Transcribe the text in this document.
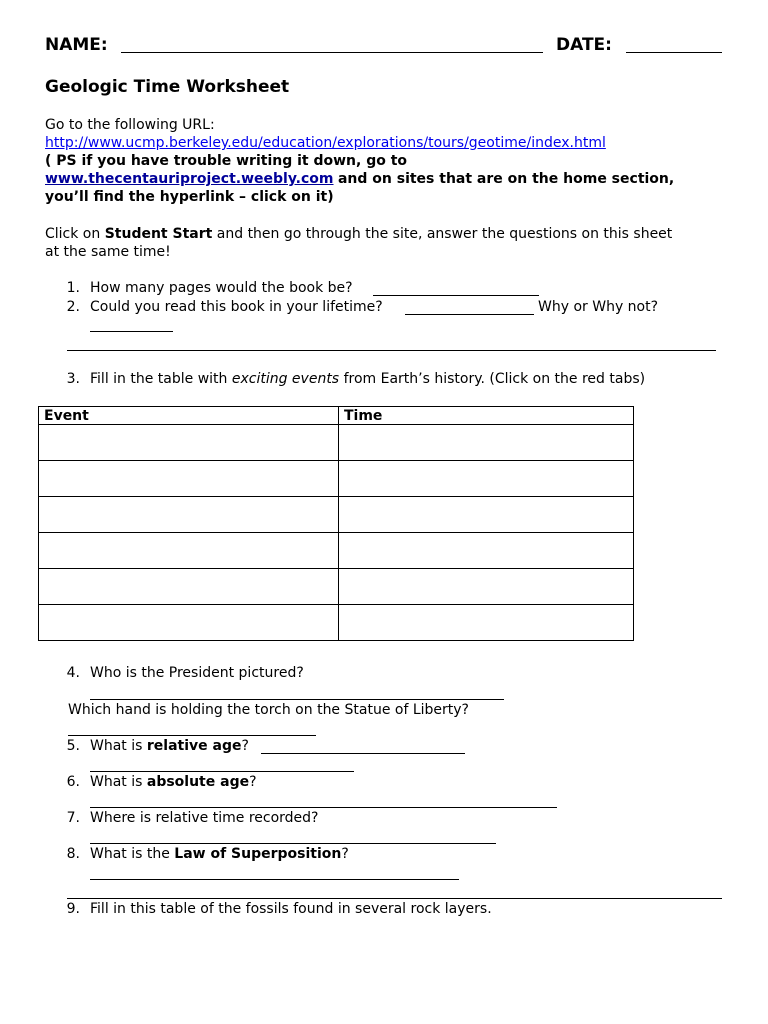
NAME:	DATE:
Geologic Time Worksheet
Go to the following URL:
http://www.ucmp.berkeley.edu/education/explorations/tours/geotime/index.html
( PS if you have trouble writing it down, go to
www.thecentauriproject.weebly.com and on sites that are on the home section,
you’ll find the hyperlink – click on it)
Click on Student Start and then go through the site, answer the questions on this sheet
at the same time!
1. How many pages would the book be?
2. Could you read this book in your lifetime?	Why or Why not?
3. Fill in the table with exciting events from Earth’s history. (Click on the red tabs)
Event	Time

4. Who is the President pictured?
Which hand is holding the torch on the Statue of Liberty?
5. What is relative age?
6. What is absolute age?
7. Where is relative time recorded?
8. What is the Law of Superposition?
9. Fill in this table of the fossils found in several rock layers.
